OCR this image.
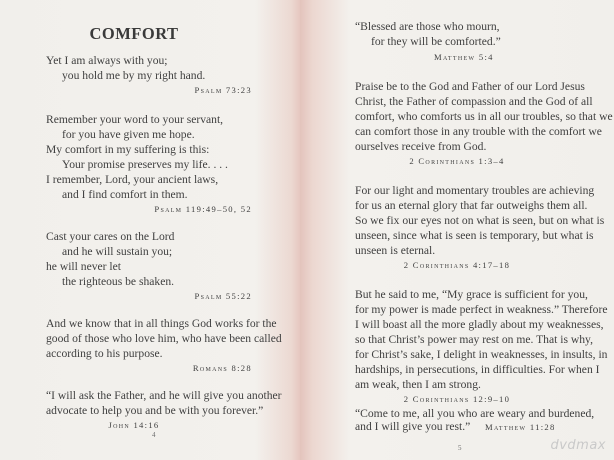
COMFORT
Yet I am always with you;
you hold me by my right hand.
Psalm 73:23
Remember your word to your servant,
for you have given me hope.
My comfort in my suffering is this:
Your promise preserves my life. . . .
I remember, Lord, your ancient laws,
and I find comfort in them.
Psalm 119:49–50, 52
Cast your cares on the Lord
and he will sustain you;
he will never let
the righteous be shaken.
Psalm 55:22
And we know that in all things God works for the
good of those who love him, who have been called
according to his purpose.
Romans 8:28
“I will ask the Father, and he will give you another
advocate to help you and be with you forever.”
John 14:16
4
“Blessed are those who mourn,
for they will be comforted.”
Matthew 5:4
Praise be to the God and Father of our Lord Jesus
Christ, the Father of compassion and the God of all
comfort, who comforts us in all our troubles, so that we
can comfort those in any trouble with the comfort we
ourselves receive from God.
2 Corinthians 1:3–4
For our light and momentary troubles are achieving
for us an eternal glory that far outweighs them all.
So we fix our eyes not on what is seen, but on what is
unseen, since what is seen is temporary, but what is
unseen is eternal.
2 Corinthians 4:17–18
But he said to me, “My grace is sufficient for you,
for my power is made perfect in weakness.” Therefore
I will boast all the more gladly about my weaknesses,
so that Christ’s power may rest on me. That is why,
for Christ’s sake, I delight in weaknesses, in insults, in
hardships, in persecutions, in difficulties. For when I
am weak, then I am strong.
2 Corinthians 12:9–10
“Come to me, all you who are weary and burdened,
and I will give you rest.” Matthew 11:28
5	dvdmax
